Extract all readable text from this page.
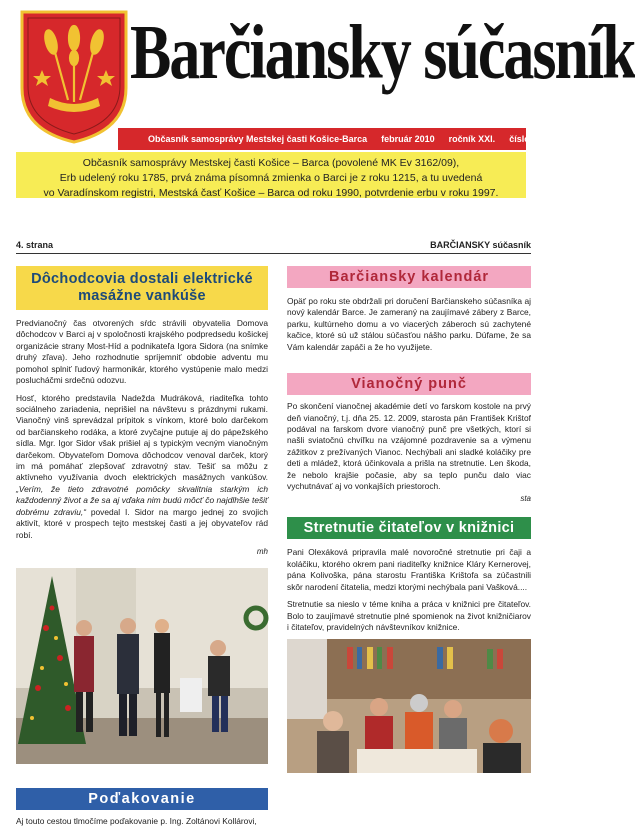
Barčiansky súčasník
Občasník samosprávy Mestskej časti Košice-Barca február 2010 ročník XXI. číslo 1
Občasník samosprávy Mestskej časti Košice – Barca (povolené MK Ev 3162/09),
Erb udelený roku 1785, prvá známa písomná zmienka o Barci je z roku 1215, a tu uvedená
vo Varadínskom registri, Mestská časť Košice – Barca od roku 1990, potvrdenie erbu v roku 1997.
4. strana	BARČIANSKY súčasník
Dôchodcovia dostali elektrické masážne vankúše

Predvianočný čas otvorených sŕdc strávili obyvatelia Domova dôchodcov v Barci aj v spoločnosti krajského podpredsedu košickej organizácie strany Most-Híd a podnikateľa Igora Sidora (na snímke druhý zľava). Jeho rozhodnutie spríjemniť obdobie adventu mu pomohol splniť ľudový harmonikár, ktorého vystúpenie malo medzi poslucháčmi srdečnú odozvu.

Hosť, ktorého predstavila Nadežda Mudráková, riaditeľka tohto sociálneho zariadenia, neprišiel na návštevu s prázdnymi rukami. Vianočný vinš sprevádzal prípitok s vínkom, ktoré bolo darčekom od barčianskeho rodáka, a ktoré zvyčajne putuje aj do pápežského sídla. Mgr. Igor Sidor však prišiel aj s typickým vecným vianočným darčekom. Obyvateľom Domova dôchodcov venoval darček, ktorý im má pomáhať zlepšovať zdravotný stav. Tešiť sa môžu z aktívneho využívania dvoch elektrických masážnych vankúšov. „Verím, že tieto zdravotné pomôcky skvalitnia starkým ich každodenný život a že sa aj vďaka nim budú môcť čo najdlhšie tešiť dobrému zdraviu,“ povedal I. Sidor na margo jednej zo svojich aktivít, ktoré v prospech tejto mestskej časti a jej obyvateľov rád robí.

mh
Poďakovanie
Aj touto cestou tlmočíme poďakovanie p. Ing. Zoltánovi Kollárovi,
Barčiansky kalendár
Opäť po roku ste obdržali pri doručení Barčianskeho súčasníka aj nový kalendár Barce. Je zameraný na zaujímavé zábery z Barce, parku, kultúrneho domu a vo viacerých záberoch sú zachytené kačice, ktoré sú už stálou súčasťou nášho parku. Dúfame, že sa Vám kalendár zapáči a že ho využijete.
Vianočný punč
Po skončení vianočnej akadémie detí vo farskom kostole na prvý deň vianočný, t.j. dňa 25. 12. 2009, starosta pán František Krištof podával na farskom dvore vianočný punč pre všetkých, ktorí si našli sviatočnú chvíľku na vzájomné pozdravenie sa a výmenu zážitkov z prežívaných Vianoc. Nechýbali ani sladké koláčiky pre deti a mládež, ktorá účinkovala a prišla na stretnutie. Len škoda, že nebolo krajšie počasie, aby sa teplo punču dalo viac vychutnávať aj vo vonkajších priestoroch.
sta
Stretnutie čitateľov v knižnici

Pani Olexáková pripravila malé novoročné stretnutie pri čaji a koláčiku, ktorého okrem pani riaditeľky knižnice Kláry Kernerovej, pána Kolivoška, pána starostu Františka Krištofa sa zúčastnili skôr narodení čitatelia, medzi ktorými nechýbala pani Vašková....

Stretnutie sa nieslo v téme kniha a práca v knižnici pre čitateľov. Bolo to zaujímavé stretnutie plné spomienok na život knižničiarov i čitateľov, pravidelných návštevníkov knižnice.
